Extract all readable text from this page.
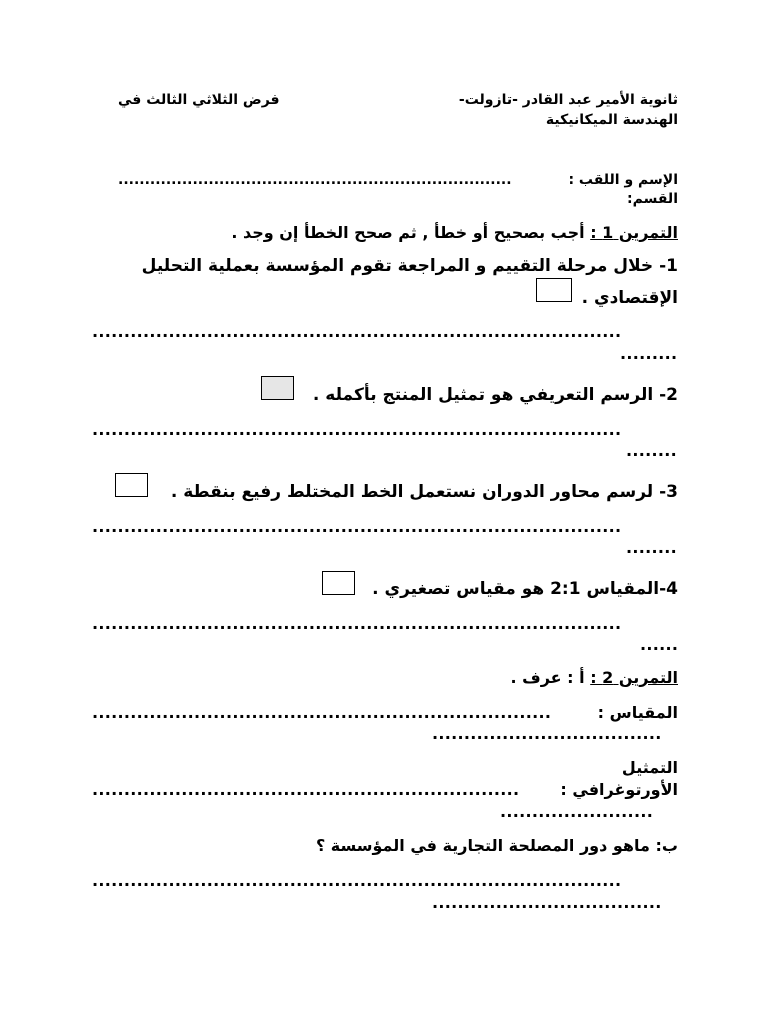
ثانوية الأمير عبد القادر -تازولت-
فرض الثلاثي الثالث في
الهندسة الميكانيكية
الإسم و اللقب :
..........................................................................
القسم:
التمرين 1 : أجب بصحيح أو خطأ , ثم صحح الخطأ إن وجد .
1- خلال مرحلة التقييم و المراجعة تقوم المؤسسة بعملية التحليل
الإقتصادي .
...................................................................................
.........
2- الرسم التعريفي هو تمثيل المنتج بأكمله .
...................................................................................
........
3- لرسم محاور الدوران نستعمل الخط المختلط رفيع بنقطة .
...................................................................................
........
4-المقياس 2:1 هو مقياس تصغيري .
...................................................................................
......
التمرين 2 : أ : عرف .
المقياس :
........................................................................
....................................
التمثيل
الأورتوغرافي :
...................................................................
........................
ب: ماهو دور المصلحة التجارية في المؤسسة ؟
...................................................................................
....................................
